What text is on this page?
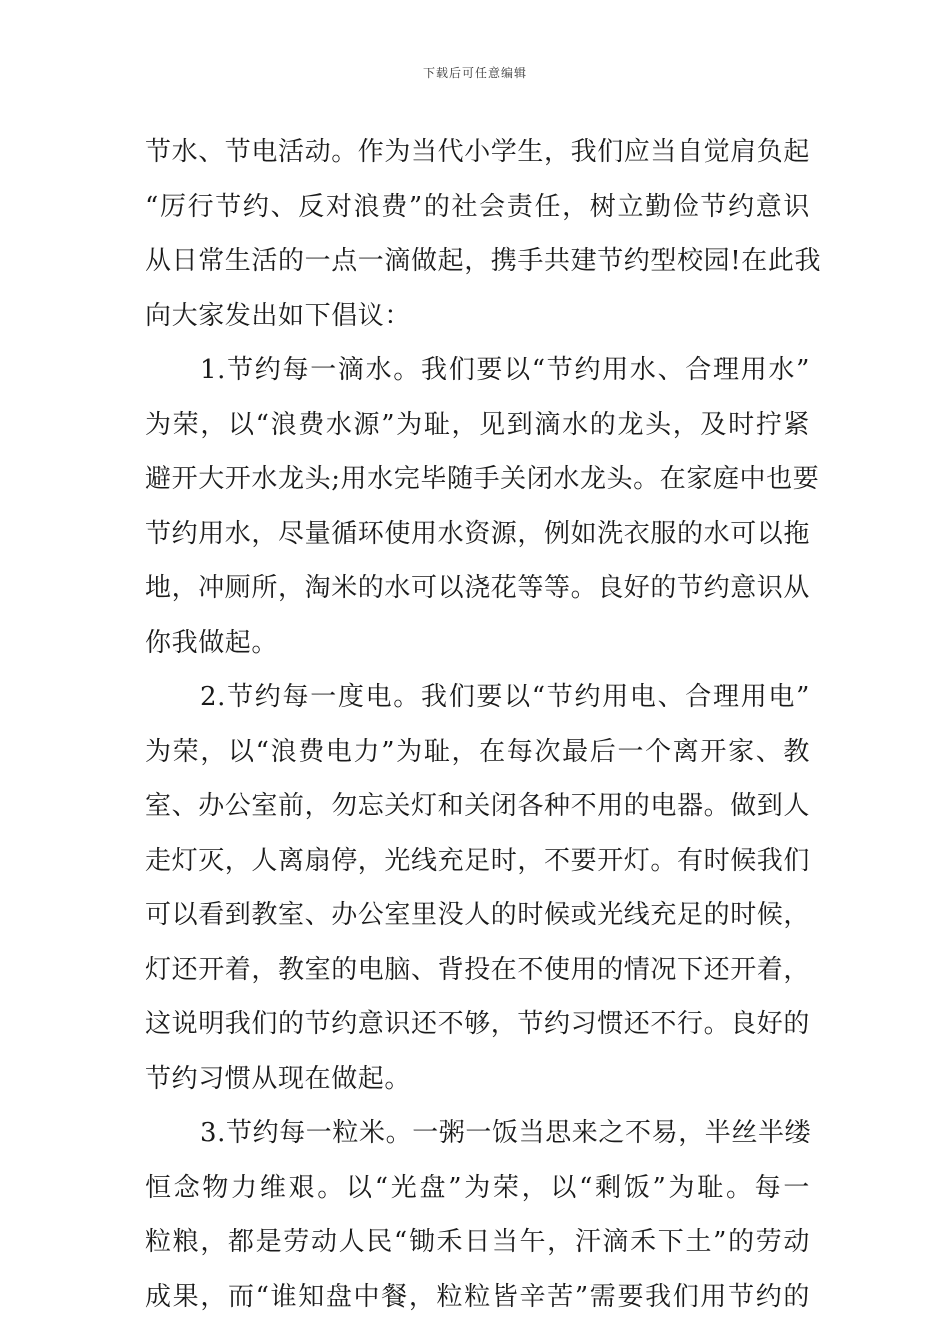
下载后可任意编辑
节水、节电活动。作为当代小学生，我们应当自觉肩负起
“厉行节约、反对浪费”的社会责任，树立勤俭节约意识
从日常生活的一点一滴做起，携手共建节约型校园!在此我
向大家发出如下倡议：
1.节约每一滴水。我们要以“节约用水、合理用水”
为荣，以“浪费水源”为耻，见到滴水的龙头，及时拧紧
避开大开水龙头;用水完毕随手关闭水龙头。在家庭中也要
节约用水，尽量循环使用水资源，例如洗衣服的水可以拖
地，冲厕所，淘米的水可以浇花等等。良好的节约意识从
你我做起。
2.节约每一度电。我们要以“节约用电、合理用电”
为荣，以“浪费电力”为耻，在每次最后一个离开家、教
室、办公室前，勿忘关灯和关闭各种不用的电器。做到人
走灯灭，人离扇停，光线充足时，不要开灯。有时候我们
可以看到教室、办公室里没人的时候或光线充足的时候，
灯还开着，教室的电脑、背投在不使用的情况下还开着，
这说明我们的节约意识还不够，节约习惯还不行。良好的
节约习惯从现在做起。
3.节约每一粒米。一粥一饭当思来之不易，半丝半缕
恒念物力维艰。以“光盘”为荣，以“剩饭”为耻。每一
粒粮，都是劳动人民“锄禾日当午，汗滴禾下土”的劳动
成果，而“谁知盘中餐，粒粒皆辛苦”需要我们用节约的
